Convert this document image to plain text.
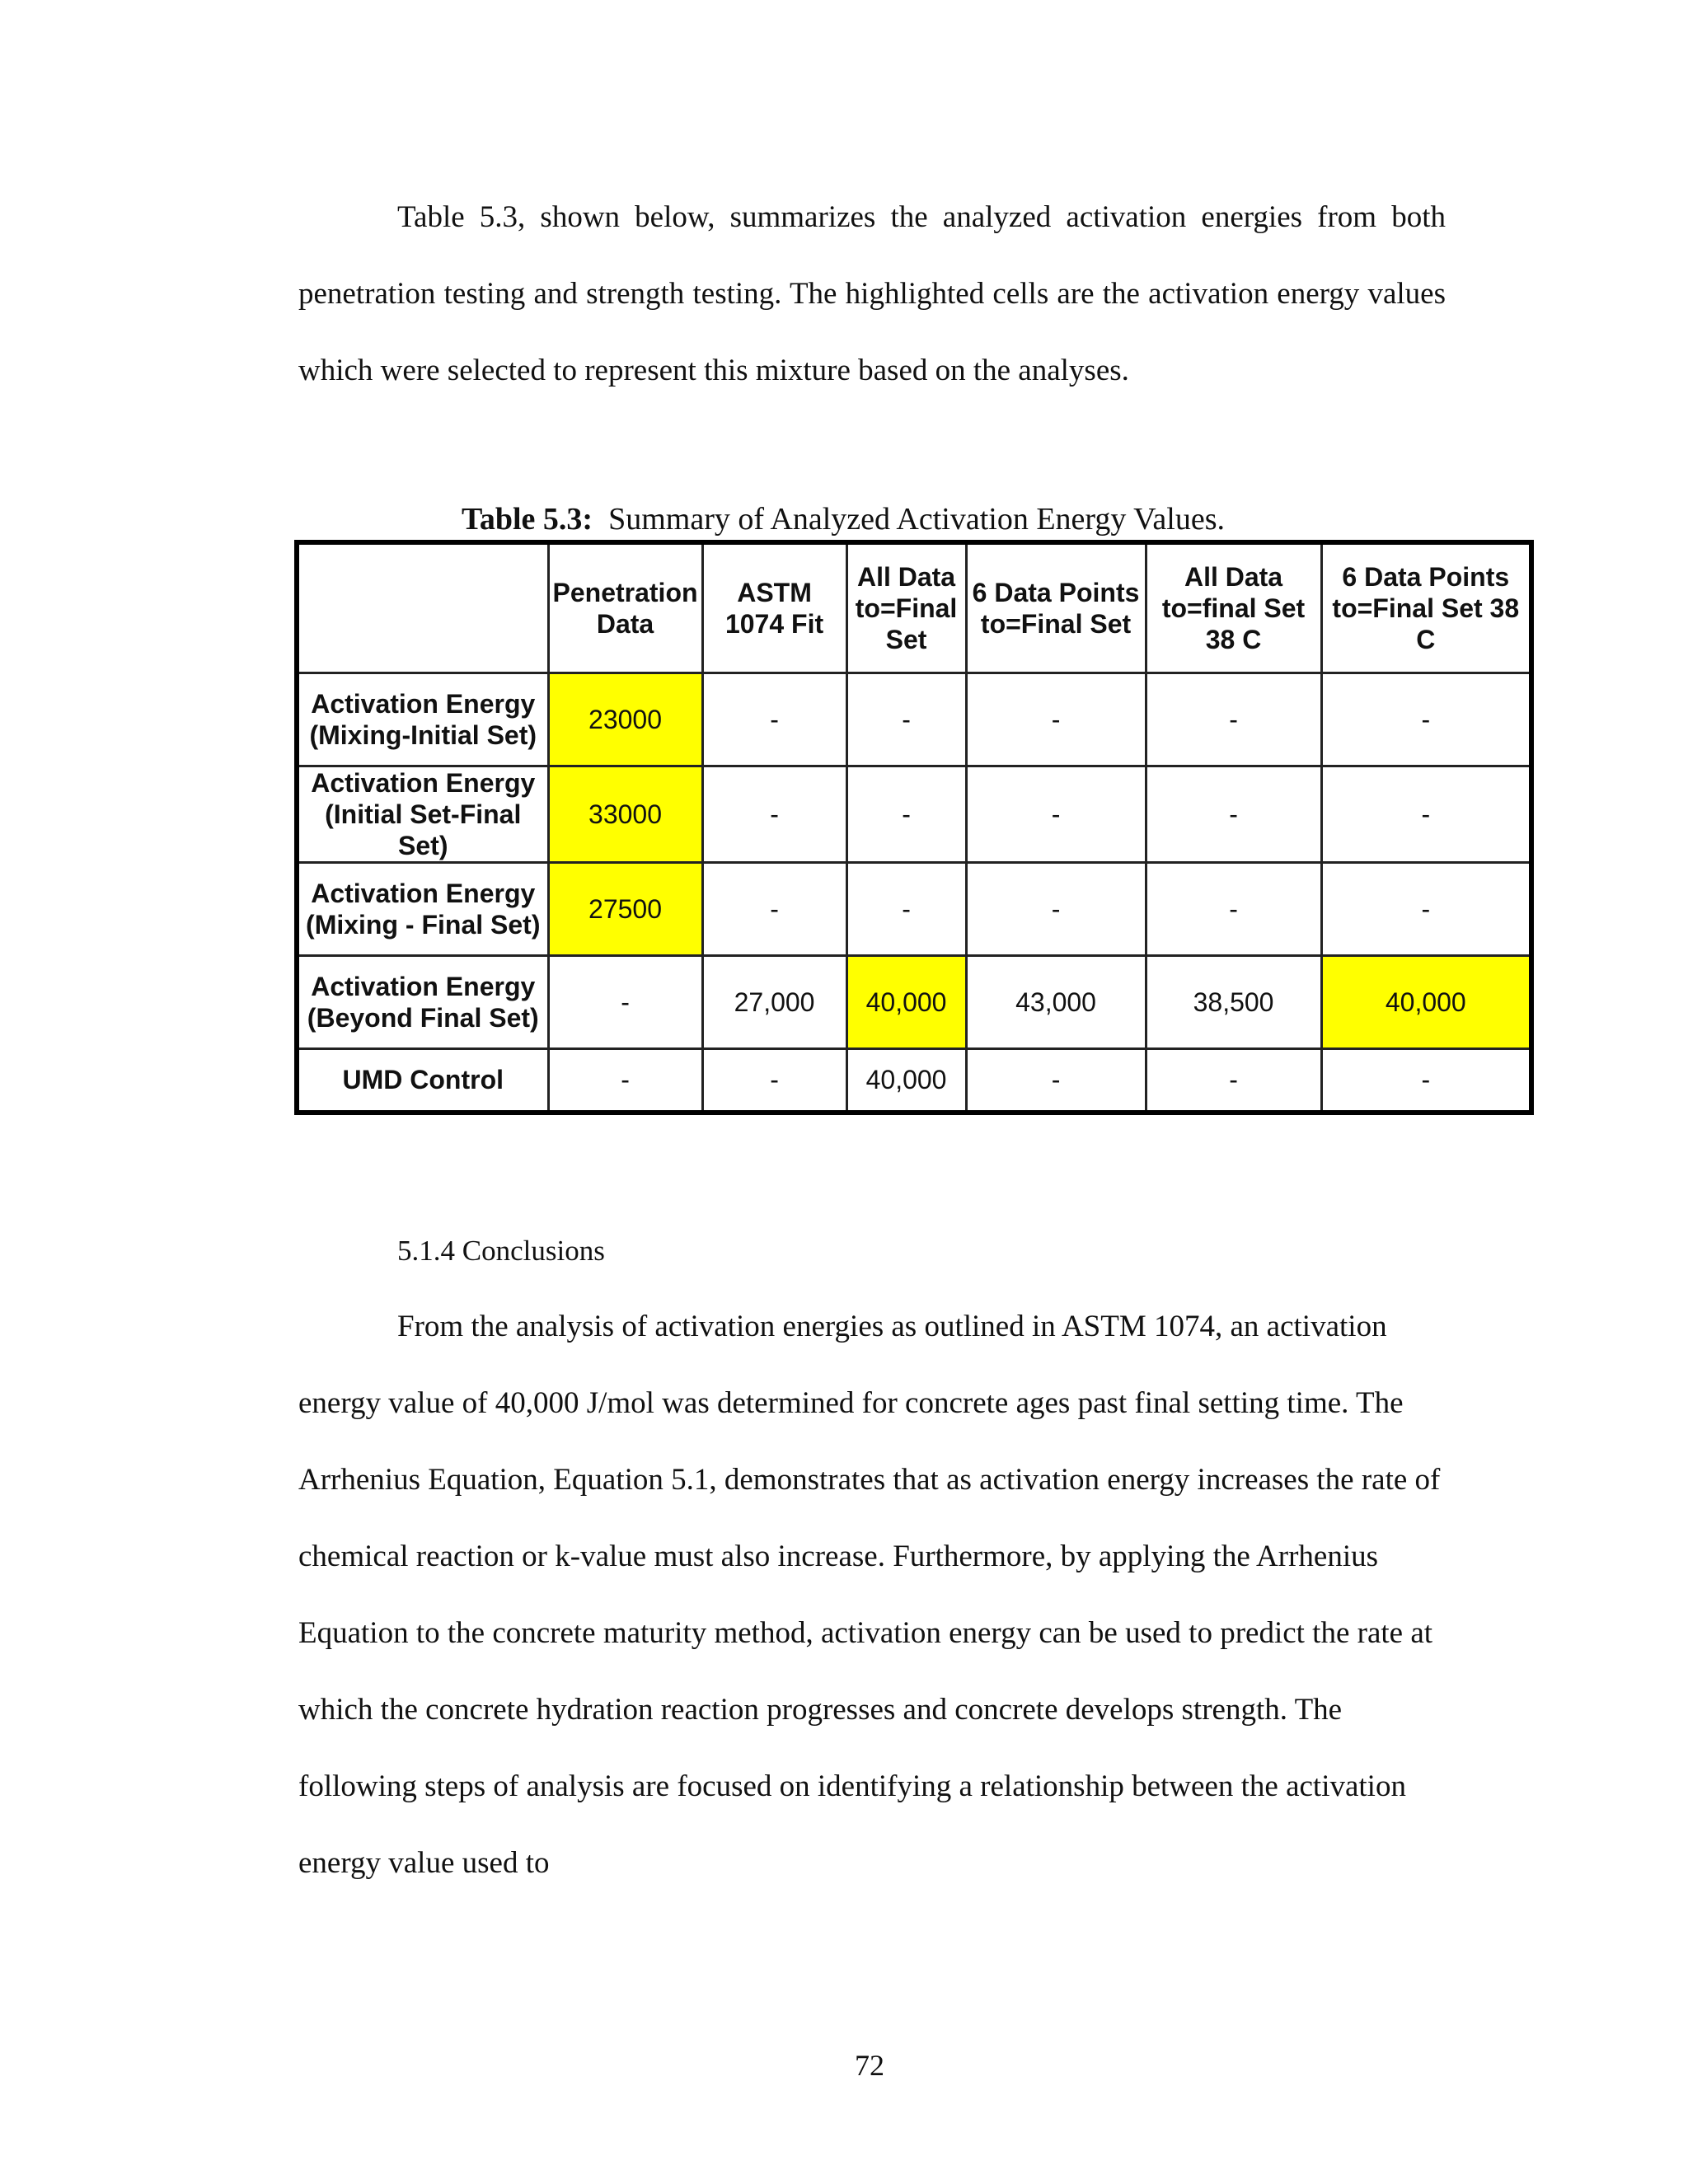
Table 5.3, shown below, summarizes the analyzed activation energies from both penetration testing and strength testing. The highlighted cells are the activation energy values which were selected to represent this mixture based on the analyses.

Table 5.3: Summary of Analyzed Activation Energy Values.
	Penetration Data	ASTM 1074 Fit	All Data to=Final Set	6 Data Points to=Final Set	All Data to=final Set 38 C	6 Data Points to=Final Set 38 C
Activation Energy (Mixing-Initial Set)	23000	-	-	-	-	-
Activation Energy (Initial Set-Final Set)	33000	-	-	-	-	-
Activation Energy (Mixing - Final Set)	27500	-	-	-	-	-
Activation Energy (Beyond Final Set)	-	27,000	40,000	43,000	38,500	40,000
UMD Control	-	-	40,000	-	-	-
5.1.4 Conclusions

From the analysis of activation energies as outlined in ASTM 1074, an activation energy value of 40,000 J/mol was determined for concrete ages past final setting time. The Arrhenius Equation, Equation 5.1, demonstrates that as activation energy increases the rate of chemical reaction or k-value must also increase. Furthermore, by applying the Arrhenius Equation to the concrete maturity method, activation energy can be used to predict the rate at which the concrete hydration reaction progresses and concrete develops strength. The following steps of analysis are focused on identifying a relationship between the activation energy value used to

72
